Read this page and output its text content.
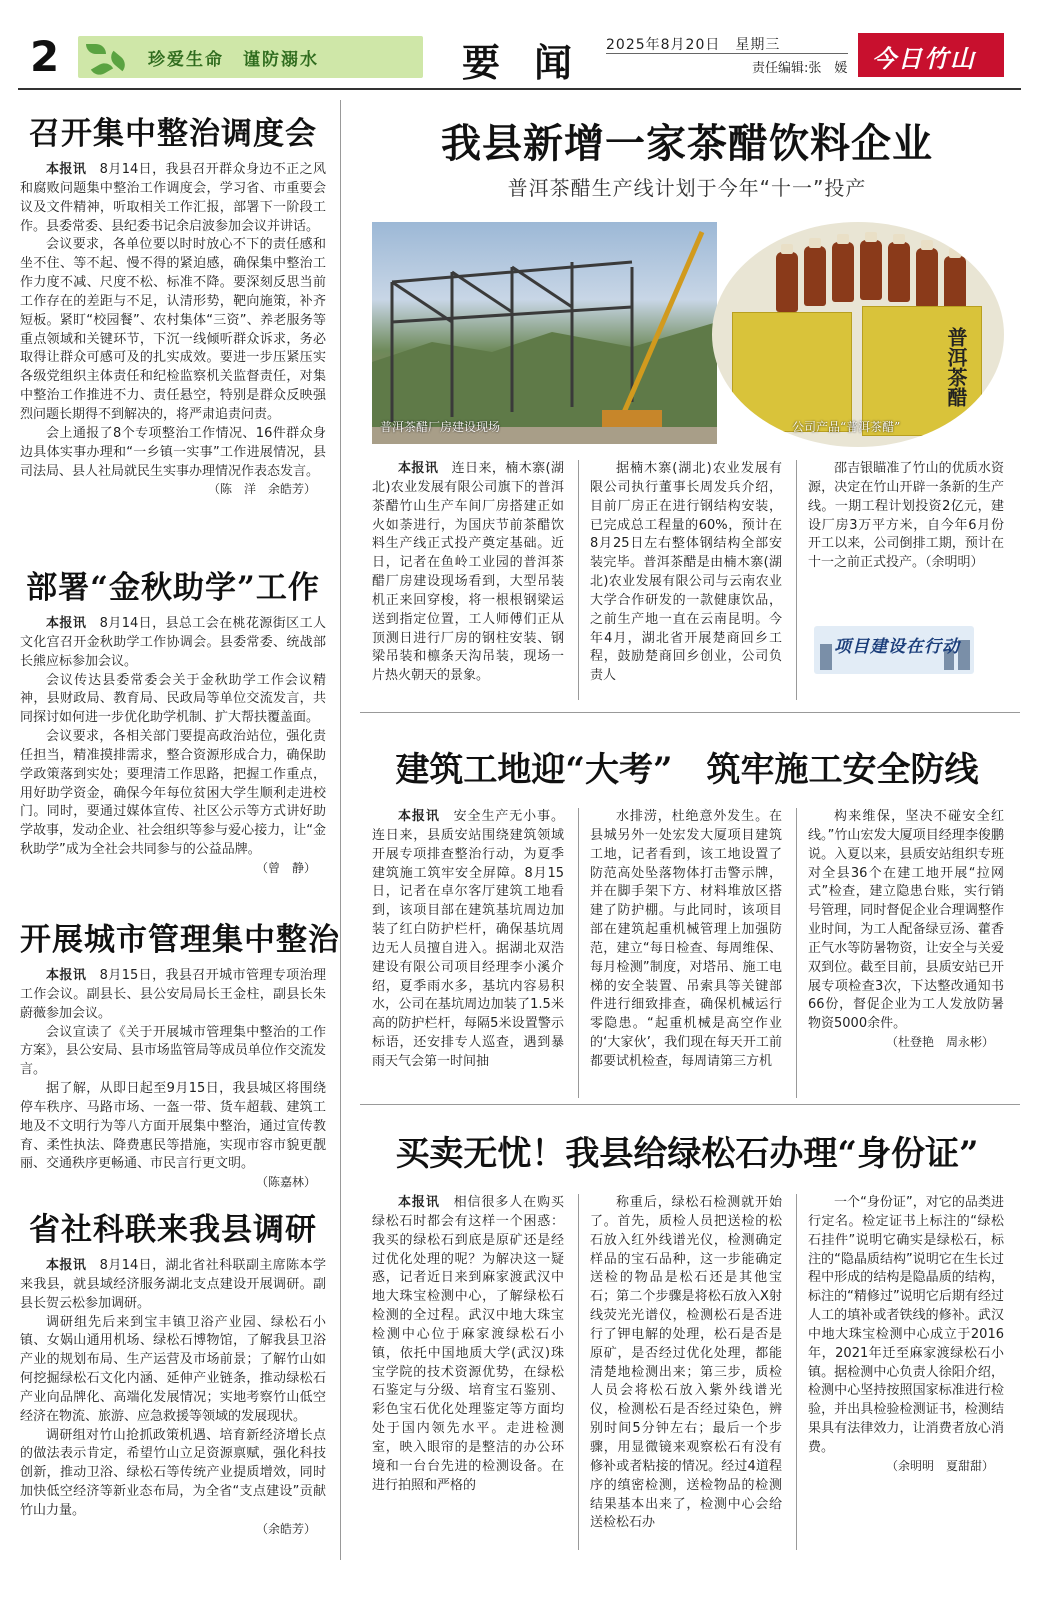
2	珍爱生命　谨防溺水	要闻 2025年8月20日　星期三
责任编辑:张　媛	今日竹山
召开集中整治调度会

本报讯　8月14日，我县召开群众身边不正之风和腐败问题集中整治工作调度会，学习省、市重要会议及文件精神，听取相关工作汇报，部署下一阶段工作。县委常委、县纪委书记余启波参加会议并讲话。

会议要求，各单位要以时时放心不下的责任感和坐不住、等不起、慢不得的紧迫感，确保集中整治工作力度不减、尺度不松、标准不降。要深刻反思当前工作存在的差距与不足，认清形势，靶向施策，补齐短板。紧盯“校园餐”、农村集体“三资”、养老服务等重点领域和关键环节，下沉一线倾听群众诉求，务必取得让群众可感可及的扎实成效。要进一步压紧压实各级党组织主体责任和纪检监察机关监督责任，对集中整治工作推进不力、责任悬空，特别是群众反映强烈问题长期得不到解决的，将严肃追责问责。

会上通报了8个专项整治工作情况、16件群众身边具体实事办理和“一乡镇一实事”工作进展情况，县司法局、县人社局就民生实事办理情况作表态发言。

（陈　洋　余皓芳）
部署“金秋助学”工作

本报讯　8月14日，县总工会在桃花源街区工人文化宫召开金秋助学工作协调会。县委常委、统战部长熊应标参加会议。

会议传达县委常委会关于金秋助学工作会议精神，县财政局、教育局、民政局等单位交流发言，共同探讨如何进一步优化助学机制、扩大帮扶覆盖面。

会议要求，各相关部门要提高政治站位，强化责任担当，精准摸排需求，整合资源形成合力，确保助学政策落到实处；要理清工作思路，把握工作重点，用好助学资金，确保今年每位贫困大学生顺利走进校门。同时，要通过媒体宣传、社区公示等方式讲好助学故事，发动企业、社会组织等参与爱心接力，让“金秋助学”成为全社会共同参与的公益品牌。

（曾　静）
开展城市管理集中整治

本报讯　8月15日，我县召开城市管理专项治理工作会议。副县长、县公安局局长王金柱，副县长朱蔚薇参加会议。

会议宣读了《关于开展城市管理集中整治的工作方案》，县公安局、县市场监管局等成员单位作交流发言。

据了解，从即日起至9月15日，我县城区将围绕停车秩序、马路市场、一盔一带、货车超载、建筑工地及不文明行为等八方面开展集中整治，通过宣传教育、柔性执法、降费惠民等措施，实现市容市貌更靓丽、交通秩序更畅通、市民言行更文明。

（陈嘉林）
省社科联来我县调研

本报讯　8月14日，湖北省社科联副主席陈本学来我县，就县域经济服务湖北支点建设开展调研。副县长贺云松参加调研。

调研组先后来到宝丰镇卫浴产业园、绿松石小镇、女娲山通用机场、绿松石博物馆，了解我县卫浴产业的规划布局、生产运营及市场前景；了解竹山如何挖掘绿松石文化内涵、延伸产业链条，推动绿松石产业向品牌化、高端化发展情况；实地考察竹山低空经济在物流、旅游、应急救援等领域的发展现状。

调研组对竹山抢抓政策机遇、培育新经济增长点的做法表示肯定，希望竹山立足资源禀赋，强化科技创新，推动卫浴、绿松石等传统产业提质增效，同时加快低空经济等新业态布局，为全省“支点建设”贡献竹山力量。

（余皓芳）
我县新增一家茶醋饮料企业
普洱茶醋生产线计划于今年“十一”投产
普洱茶醋厂房建设现场
普洱茶醋
公司产品“普洱茶醋”

本报讯　连日来，楠木寨(湖北)农业发展有限公司旗下的普洱茶醋竹山生产车间厂房搭建正如火如荼进行，为国庆节前茶醋饮料生产线正式投产奠定基础。近日，记者在鱼岭工业园的普洱茶醋厂房建设现场看到，大型吊装机正来回穿梭，将一根根钢梁运送到指定位置，工人师傅们正从顶测日进行厂房的钢柱安装、钢梁吊装和檩条天沟吊装，现场一片热火朝天的景象。

据楠木寨(湖北)农业发展有限公司执行董事长周发兵介绍，目前厂房正在进行钢结构安装，已完成总工程量的60%，预计在8月25日左右整体钢结构全部安装完毕。普洱茶醋是由楠木寨(湖北)农业发展有限公司与云南农业大学合作研发的一款健康饮品，之前生产地一直在云南昆明。今年4月，湖北省开展楚商回乡工程，鼓励楚商回乡创业，公司负责人

邵吉银瞄准了竹山的优质水资源，决定在竹山开辟一条新的生产线。一期工程计划投资2亿元，建设厂房3万平方米，自今年6月份开工以来，公司倒排工期，预计在十一之前正式投产。（余明明）

项目建设在行动
建筑工地迎“大考”　筑牢施工安全防线

本报讯　安全生产无小事。连日来，县质安站围绕建筑领域开展专项排查整治行动，为夏季建筑施工筑牢安全屏障。8月15日，记者在卓尔客厅建筑工地看到，该项目部在建筑基坑周边加装了红白防护栏杆，确保基坑周边无人员擅自进入。据湖北双浩建设有限公司项目经理李小溪介绍，夏季雨水多，基坑内容易积水，公司在基坑周边加装了1.5米高的防护栏杆，每隔5米设置警示标语，还安排专人巡查，遇到暴雨天气会第一时间抽

水排涝，杜绝意外发生。在县城另外一处宏发大厦项目建筑工地，记者看到，该工地设置了防范高处坠落物体打击警示牌，并在脚手架下方、材料堆放区搭建了防护棚。与此同时，该项目部在建筑起重机械管理上加强防范，建立“每日检查、每周维保、每月检测”制度，对塔吊、施工电梯的安全装置、吊索具等关键部件进行细致排查，确保机械运行零隐患。“起重机械是高空作业的‘大家伙’，我们现在每天开工前都要试机检查，每周请第三方机

构来维保，坚决不碰安全红线。”竹山宏发大厦项目经理李俊鹏说。入夏以来，县质安站组织专班对全县36个在建工地开展“拉网式”检查，建立隐患台账，实行销号管理，同时督促企业合理调整作业时间，为工人配备绿豆汤、藿香正气水等防暑物资，让安全与关爱双到位。截至目前，县质安站已开展专项检查3次，下达整改通知书66份，督促企业为工人发放防暑物资5000余件。

（杜登艳　周永彬）
买卖无忧！我县给绿松石办理“身份证”

本报讯　相信很多人在购买绿松石时都会有这样一个困惑：我买的绿松石到底是原矿还是经过优化处理的呢？为解决这一疑惑，记者近日来到麻家渡武汉中地大珠宝检测中心，了解绿松石检测的全过程。武汉中地大珠宝检测中心位于麻家渡绿松石小镇，依托中国地质大学(武汉)珠宝学院的技术资源优势，在绿松石鉴定与分级、培育宝石鉴别、彩色宝石优化处理鉴定等方面均处于国内领先水平。走进检测室，映入眼帘的是整洁的办公环境和一台台先进的检测设备。在进行拍照和严格的

称重后，绿松石检测就开始了。首先，质检人员把送检的松石放入红外线谱光仪，检测确定样品的宝石品种，这一步能确定送检的物品是松石还是其他宝石；第二个步骤是将松石放入X射线荧光光谱仪，检测松石是否进行了钾电解的处理，松石是否是原矿，是否经过优化处理，都能清楚地检测出来；第三步，质检人员会将松石放入紫外线谱光仪，检测松石是否经过染色，辨别时间5分钟左右；最后一个步骤，用显微镜来观察松石有没有修补或者粘接的情况。经过4道程序的缜密检测，送检物品的检测结果基本出来了，检测中心会给送检松石办

一个“身份证”，对它的品类进行定名。检定证书上标注的“绿松石挂件”说明它确实是绿松石，标注的“隐晶质结构”说明它在生长过程中形成的结构是隐晶质的结构，标注的“精修过”说明它后期有经过人工的填补或者铁线的修补。武汉中地大珠宝检测中心成立于2016年，2021年迁至麻家渡绿松石小镇。据检测中心负责人徐阳介绍，检测中心坚持按照国家标准进行检验，并出具检验检测证书，检测结果具有法律效力，让消费者放心消费。

（余明明　夏甜甜）
